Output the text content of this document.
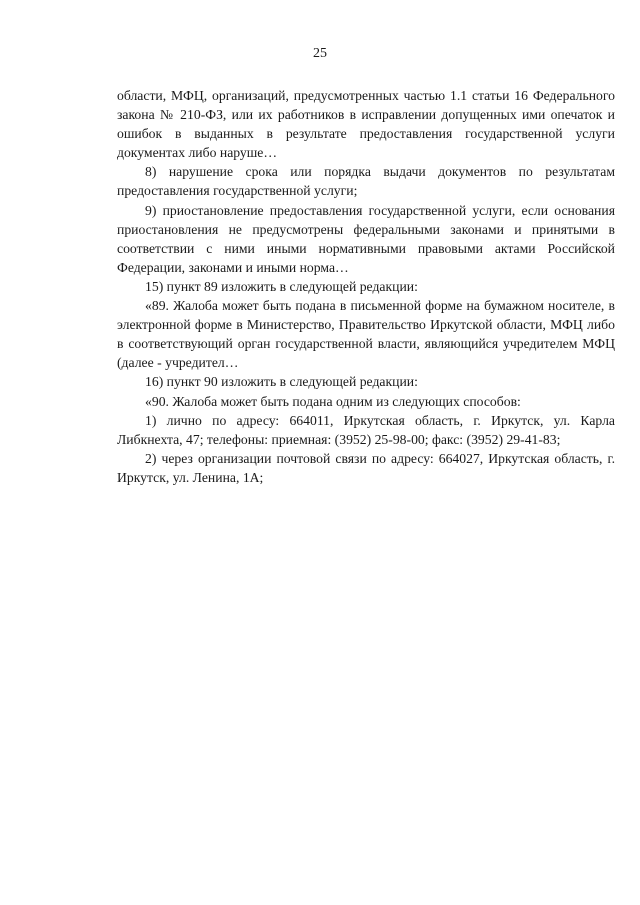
25

области, МФЦ, организаций, предусмотренных частью 1.1 статьи 16 Федерального закона № 210-ФЗ, или их работников в исправлении допущенных ими опечаток и ошибок в выданных в результате предоставления государственной услуги документах либо наруше…

8) нарушение срока или порядка выдачи документов по результатам предоставления государственной услуги;

9) приостановление предоставления государственной услуги, если основания приостановления не предусмотрены федеральными законами и принятыми в соответствии с ними иными нормативными правовыми актами Российской Федерации, законами и иными норма…

15) пункт 89 изложить в следующей редакции:

«89. Жалоба может быть подана в письменной форме на бумажном носителе, в электронной форме в Министерство, Правительство Иркутской области, МФЦ либо в соответствующий орган государственной власти, являющийся учредителем МФЦ (далее - учредител…

16) пункт 90 изложить в следующей редакции:

«90. Жалоба может быть подана одним из следующих способов:

1) лично по адресу: 664011, Иркутская область, г. Иркутск, ул. Карла Либкнехта, 47; телефоны: приемная: (3952) 25-98-00; факс: (3952) 29-41-83;

2) через организации почтовой связи по адресу: 664027, Иркутская область, г. Иркутск, ул. Ленина, 1А;
